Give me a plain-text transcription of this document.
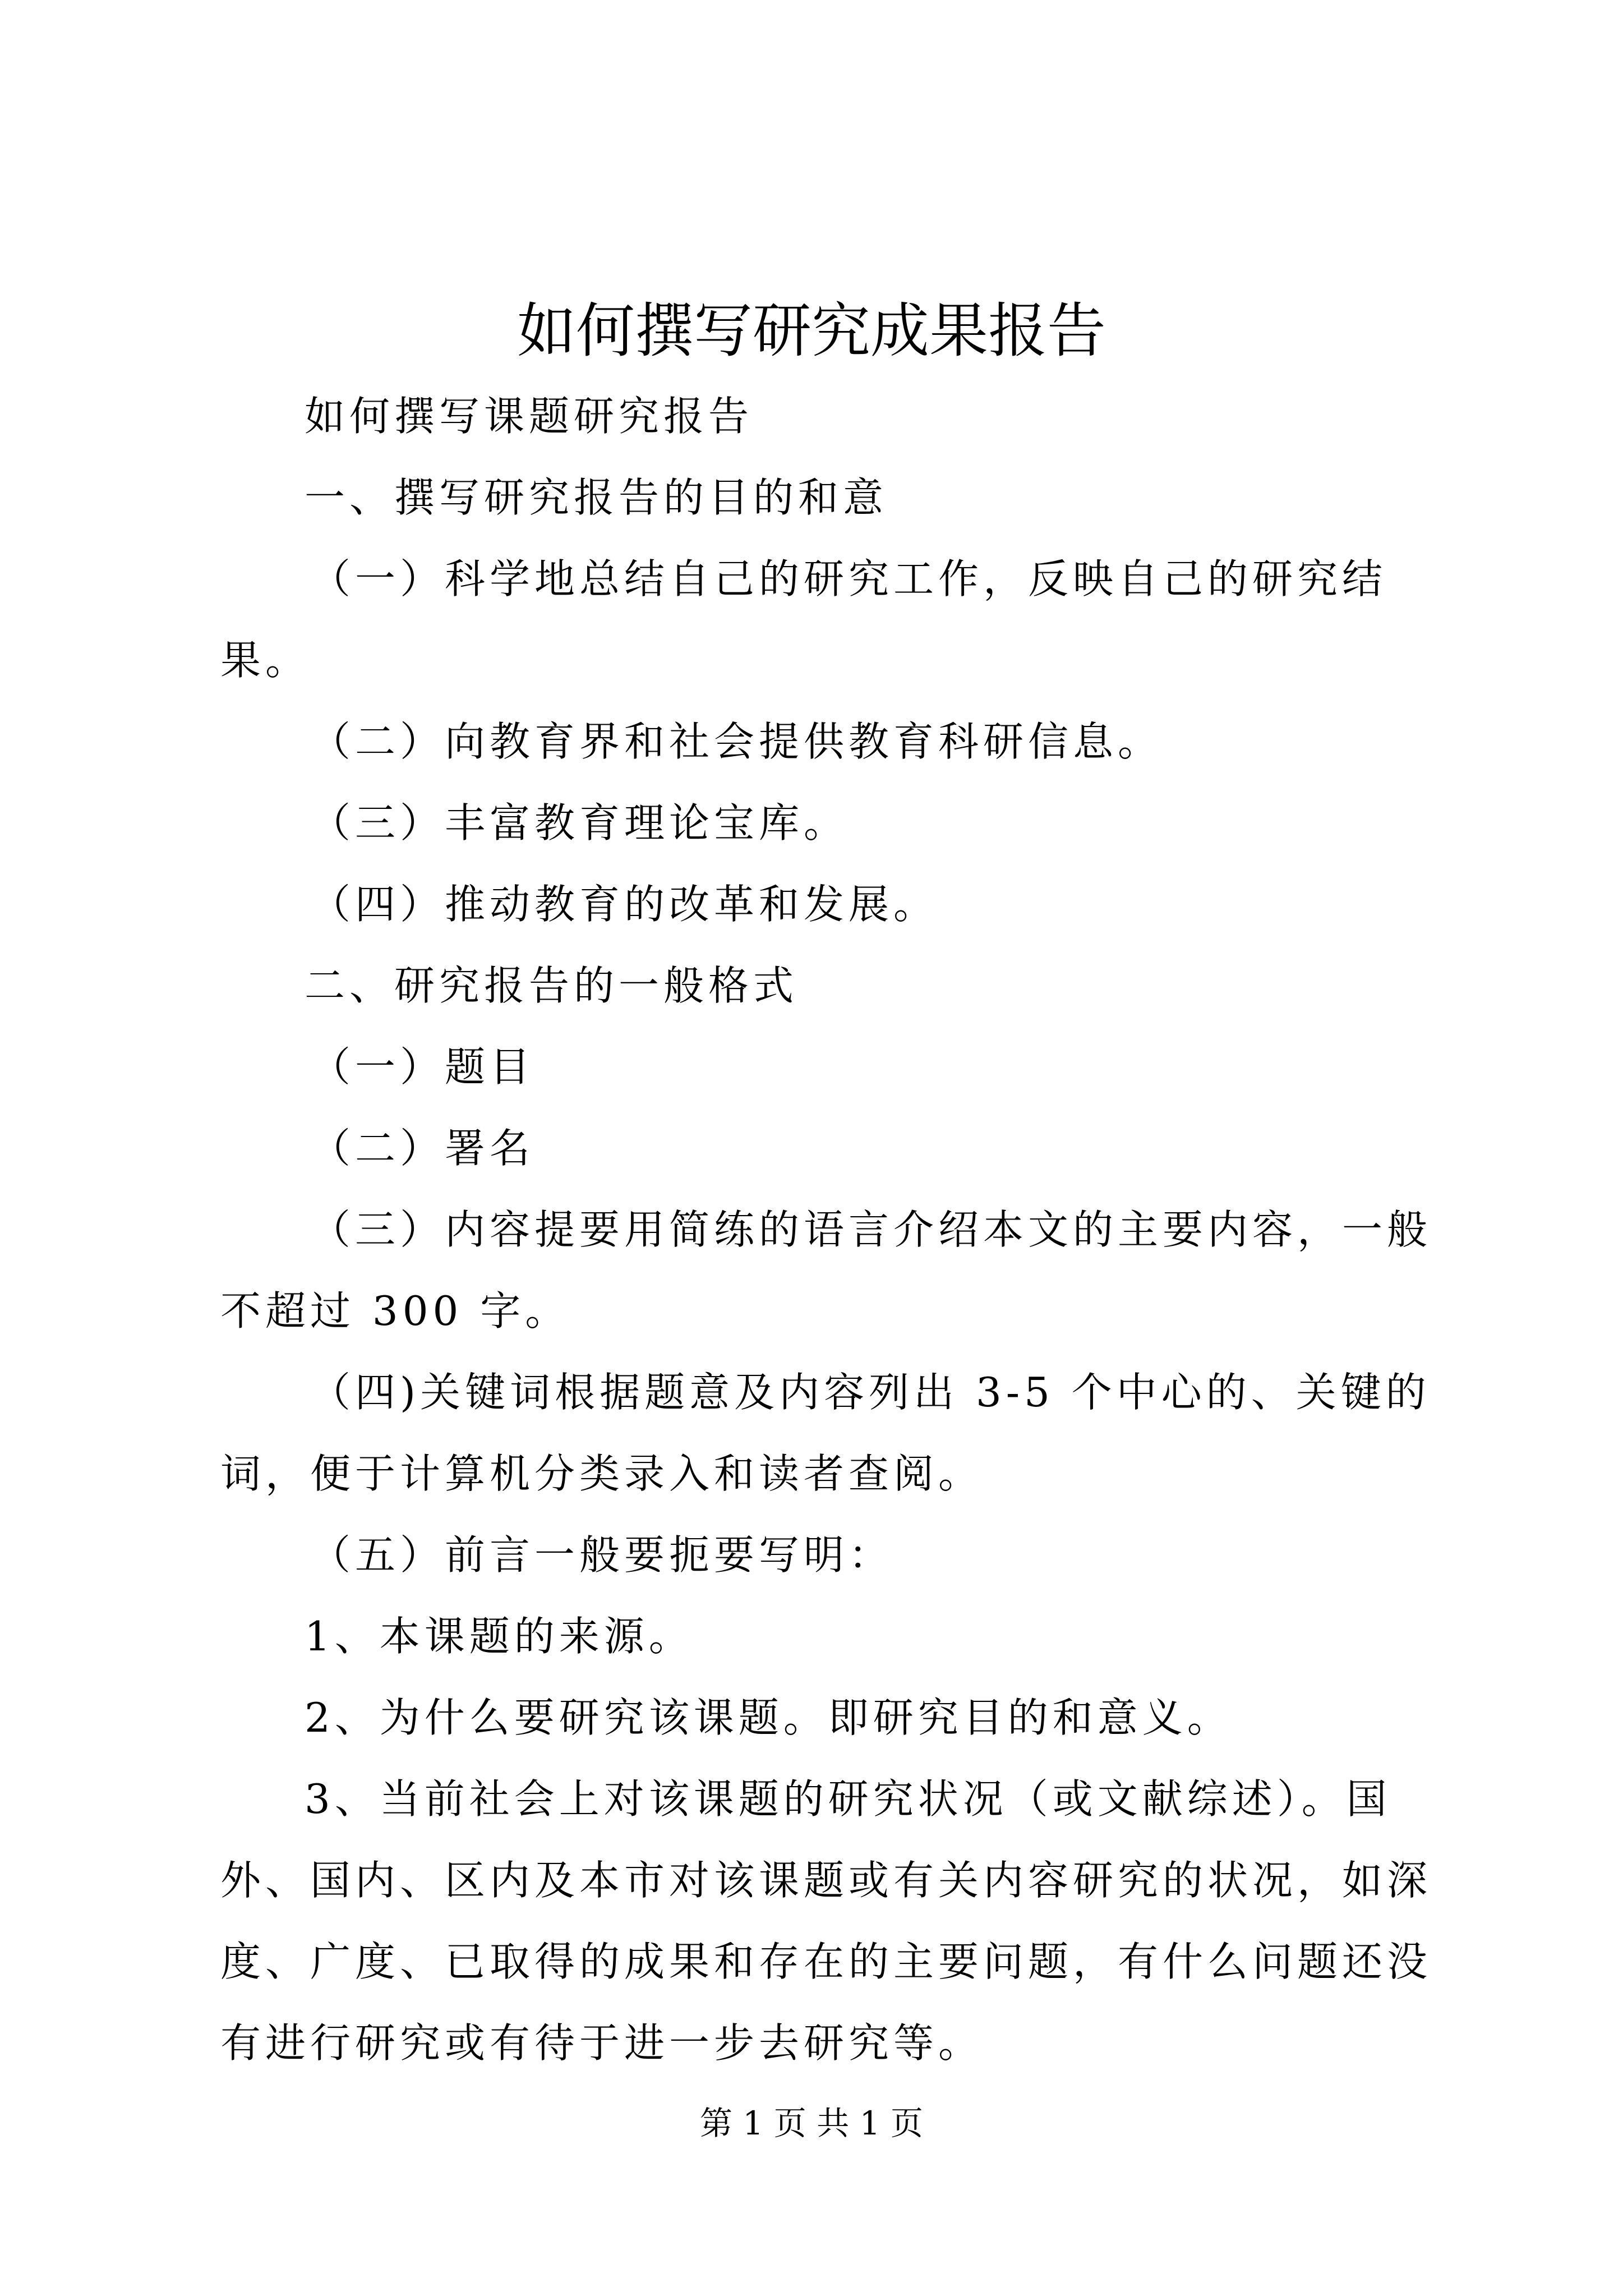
如何撰写研究成果报告

如何撰写课题研究报告

一、撰写研究报告的目的和意

（一）科学地总结自己的研究工作，反映自己的研究结果。

（二）向教育界和社会提供教育科研信息。

（三）丰富教育理论宝库。

（四）推动教育的改革和发展。

二、研究报告的一般格式

（一）题目

（二）署名

（三）内容提要用简练的语言介绍本文的主要内容，一般不超过 300 字。

（四)关键词根据题意及内容列出 3-5 个中心的、关键的词，便于计算机分类录入和读者查阅。

（五）前言一般要扼要写明：

1、本课题的来源。

2、为什么要研究该课题。即研究目的和意义。

3、当前社会上对该课题的研究状况（或文献综述）。国外、国内、区内及本市对该课题或有关内容研究的状况，如深度、广度、已取得的成果和存在的主要问题，有什么问题还没有进行研究或有待于进一步去研究等。

第 1 页 共 1 页
